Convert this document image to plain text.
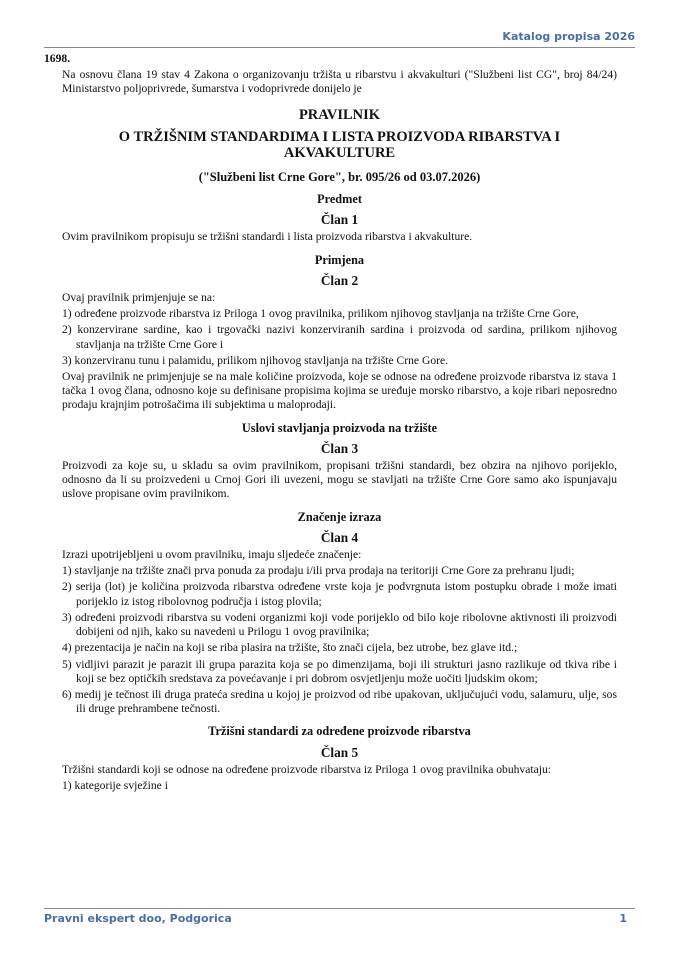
Katalog propisa 2026
1698.

Na osnovu člana 19 stav 4 Zakona o organizovanju tržišta u ribarstvu i akvakulturi ("Službeni list CG", broj 84/24) Ministarstvo poljoprivrede, šumarstva i vodoprivrede donijelo je

PRAVILNIK
O TRŽIŠNIM STANDARDIMA I LISTA PROIZVODA RIBARSTVA I AKVAKULTURE
("Službeni list Crne Gore", br. 095/26 od 03.07.2026)
Predmet
Član 1

Ovim pravilnikom propisuju se tržišni standardi i lista proizvoda ribarstva i akvakulture.

Primjena
Član 2

Ovaj pravilnik primjenjuje se na:

1) određene proizvode ribarstva iz Priloga 1 ovog pravilnika, prilikom njihovog stavljanja na tržište Crne Gore,
2) konzervirane sardine, kao i trgovački nazivi konzerviranih sardina i proizvoda od sardina, prilikom njihovog stavljanja na tržište Crne Gore i
3) konzerviranu tunu i palamidu, prilikom njihovog stavljanja na tržište Crne Gore.

Ovaj pravilnik ne primjenjuje se na male količine proizvoda, koje se odnose na određene proizvode ribarstva iz stava 1 tačka 1 ovog člana, odnosno koje su definisane propisima kojima se uređuje morsko ribarstvo, a koje ribari neposredno prodaju krajnjim potrošačima ili subjektima u maloprodaji.

Uslovi stavljanja proizvoda na tržište
Član 3

Proizvodi za koje su, u skladu sa ovim pravilnikom, propisani tržišni standardi, bez obzira na njihovo porijeklo, odnosno da li su proizvedeni u Crnoj Gori ili uvezeni, mogu se stavljati na tržište Crne Gore samo ako ispunjavaju uslove propisane ovim pravilnikom.

Značenje izraza
Član 4

Izrazi upotrijebljeni u ovom pravilniku, imaju sljedeće značenje:

1) stavljanje na tržište znači prva ponuda za prodaju i/ili prva prodaja na teritoriji Crne Gore za prehranu ljudi;
2) serija (lot) je količina proizvoda ribarstva određene vrste koja je podvrgnuta istom postupku obrade i može imati porijeklo iz istog ribolovnog područja i istog plovila;
3) određeni proizvodi ribarstva su vodeni organizmi koji vode porijeklo od bilo koje ribolovne aktivnosti ili proizvodi dobijeni od njih, kako su navedeni u Prilogu 1 ovog pravilnika;
4) prezentacija je način na koji se riba plasira na tržište, što znači cijela, bez utrobe, bez glave itd.;
5) vidljivi parazit je parazit ili grupa parazita koja se po dimenzijama, boji ili strukturi jasno razlikuje od tkiva ribe i koji se bez optičkih sredstava za povećavanje i pri dobrom osvjetljenju može uočiti ljudskim okom;
6) medij je tečnost ili druga prateća sredina u kojoj je proizvod od ribe upakovan, uključujući vodu, salamuru, ulje, sos ili druge prehrambene tečnosti.
Tržišni standardi za određene proizvode ribarstva
Član 5

Tržišni standardi koji se odnose na određene proizvode ribarstva iz Priloga 1 ovog pravilnika obuhvataju:

1) kategorije svježine i
Pravni ekspert doo, Podgorica	1
